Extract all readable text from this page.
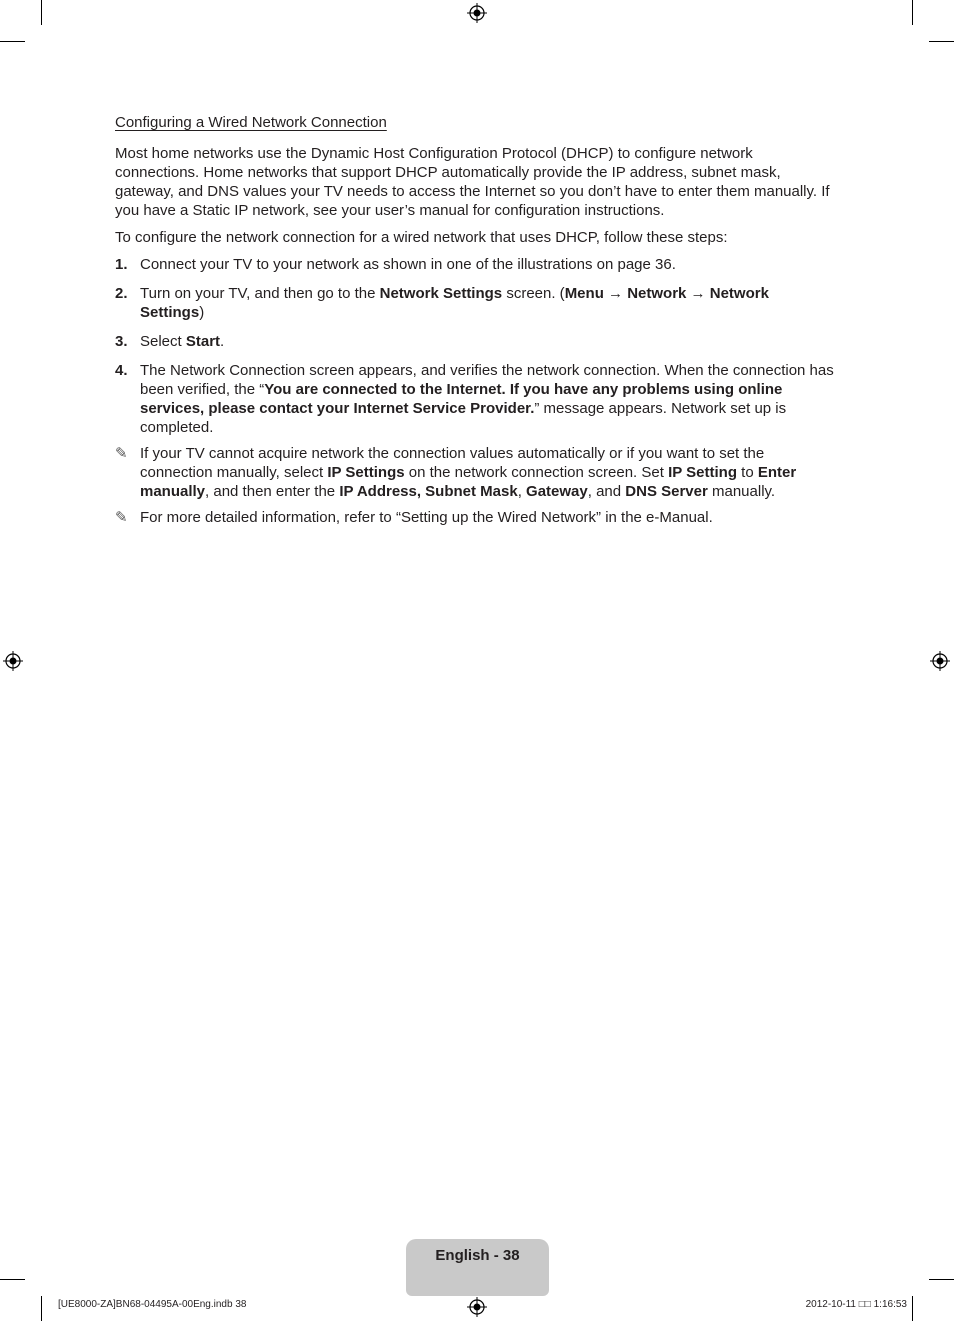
Configuring a Wired Network Connection

Most home networks use the Dynamic Host Configuration Protocol (DHCP) to configure network connections. Home networks that support DHCP automatically provide the IP address, subnet mask, gateway, and DNS values your TV needs to access the Internet so you don’t have to enter them manually. If you have a Static IP network, see your user’s manual for configuration instructions.

To configure the network connection for a wired network that uses DHCP, follow these steps:

1. Connect your TV to your network as shown in one of the illustrations on page 36.
2. Turn on your TV, and then go to the Network Settings screen. (Menu → Network → Network Settings)
3. Select Start.
4. The Network Connection screen appears, and verifies the network connection. When the connection has been verified, the “You are connected to the Internet. If you have any problems using online services, please contact your Internet Service Provider.” message appears. Network set up is completed.
✎ If your TV cannot acquire network the connection values automatically or if you want to set the connection manually, select IP Settings on the network connection screen. Set IP Setting to Enter manually, and then enter the IP Address, Subnet Mask, Gateway, and DNS Server manually.
✎ For more detailed information, refer to “Setting up the Wired Network” in the e-Manual.
English - 38
[UE8000-ZA]BN68-04495A-00Eng.indb 38	2012-10-11 □□ 1:16:53
